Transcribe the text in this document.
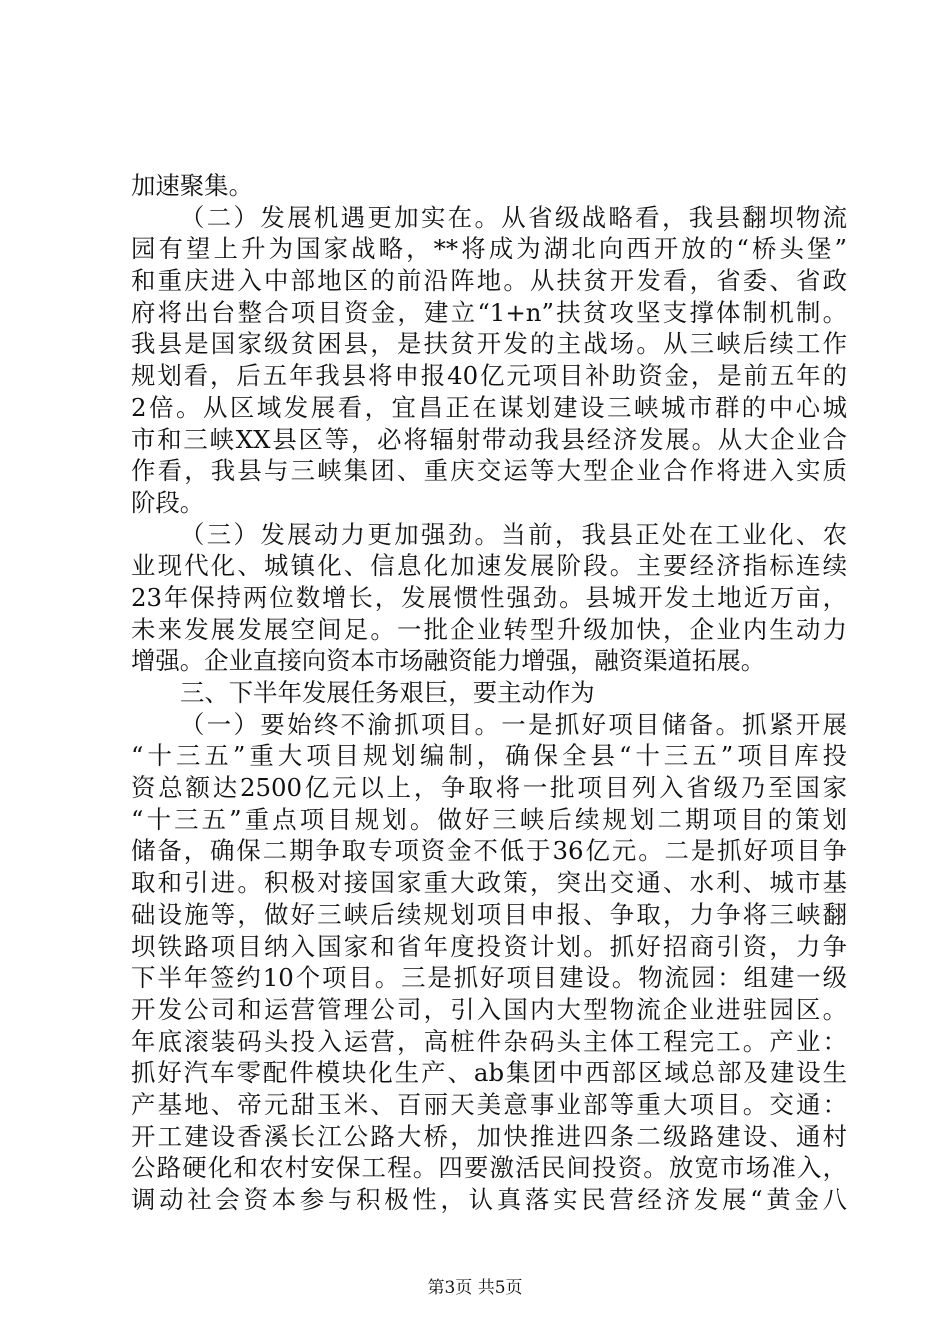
加速聚集。
（二）发展机遇更加实在。从省级战略看，我县翻坝物流
园有望上升为国家战略，**将成为湖北向西开放的“桥头堡”
和重庆进入中部地区的前沿阵地。从扶贫开发看，省委、省政
府将出台整合项目资金，建立“1+n”扶贫攻坚支撑体制机制。
我县是国家级贫困县，是扶贫开发的主战场。从三峡后续工作
规划看，后五年我县将申报40亿元项目补助资金，是前五年的
2倍。从区域发展看，宜昌正在谋划建设三峡城市群的中心城
市和三峡XX县区等，必将辐射带动我县经济发展。从大企业合
作看，我县与三峡集团、重庆交运等大型企业合作将进入实质
阶段。
（三）发展动力更加强劲。当前，我县正处在工业化、农
业现代化、城镇化、信息化加速发展阶段。主要经济指标连续
23年保持两位数增长，发展惯性强劲。县城开发土地近万亩，
未来发展发展空间足。一批企业转型升级加快，企业内生动力
增强。企业直接向资本市场融资能力增强，融资渠道拓展。
三、下半年发展任务艰巨，要主动作为
（一）要始终不渝抓项目。一是抓好项目储备。抓紧开展
“十三五”重大项目规划编制，确保全县“十三五”项目库投
资总额达2500亿元以上，争取将一批项目列入省级乃至国家
“十三五”重点项目规划。做好三峡后续规划二期项目的策划
储备，确保二期争取专项资金不低于36亿元。二是抓好项目争
取和引进。积极对接国家重大政策，突出交通、水利、城市基
础设施等，做好三峡后续规划项目申报、争取，力争将三峡翻
坝铁路项目纳入国家和省年度投资计划。抓好招商引资，力争
下半年签约10个项目。三是抓好项目建设。物流园：组建一级
开发公司和运营管理公司，引入国内大型物流企业进驻园区。
年底滚装码头投入运营，高桩件杂码头主体工程完工。产业：
抓好汽车零配件模块化生产、ab集团中西部区域总部及建设生
产基地、帝元甜玉米、百丽天美意事业部等重大项目。交通：
开工建设香溪长江公路大桥，加快推进四条二级路建设、通村
公路硬化和农村安保工程。四要激活民间投资。放宽市场准入，
调动社会资本参与积极性，认真落实民营经济发展“黄金八
第3页 共5页
